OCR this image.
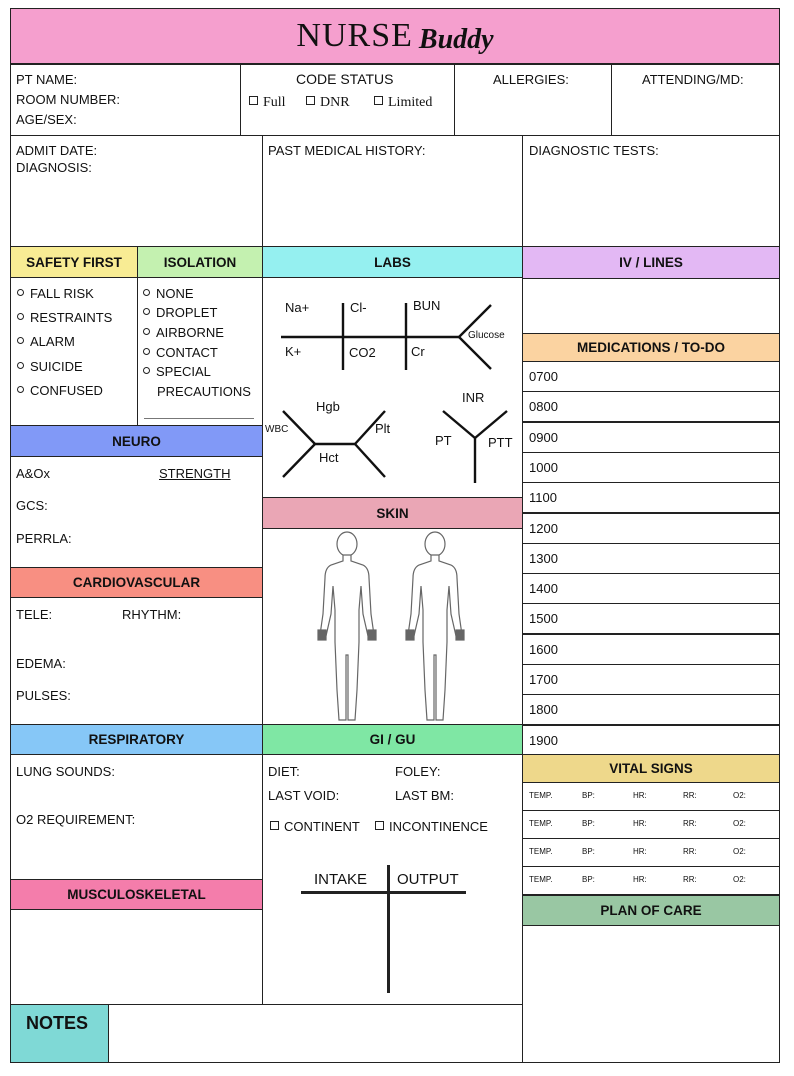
NURSE Buddy
PT NAME:
ROOM NUMBER:
AGE/SEX:
CODE STATUS
Full	DNR	Limited
ALLERGIES:	ATTENDING/MD:
ADMIT DATE:
DIAGNOSIS:
PAST MEDICAL HISTORY:	DIAGNOSTIC TESTS:
SAFETY FIRST
FALL RISK
RESTRAINTS
ALARM
SUICIDE
CONFUSED
ISOLATION
NONE
DROPLET
AIRBORNE
CONTACT
SPECIAL
PRECAUTIONS
LABS
Na+	Cl-	BUN
K+	CO2	Cr
Glucose
Hgb
WBC	Plt
Hct
INR
PT	PTT
IV / LINES
MEDICATIONS / TO-DO
0700
0800
0900
1000
1100
1200
1300
1400
1500
1600
1700
1800
1900
NEURO
A&Ox	STRENGTH
GCS:
PERRLA:
SKIN
CARDIOVASCULAR
TELE:	RHYTHM:
EDEMA:
PULSES:
RESPIRATORY
LUNG SOUNDS:
O2 REQUIREMENT:
GI / GU
DIET:	FOLEY:
LAST VOID:	LAST BM:
CONTINENT	INCONTINENCE
INTAKE OUTPUT
VITAL SIGNS
TEMP.	BP:	HR:	RR:	O2:
TEMP.	BP:	HR:	RR:	O2:
TEMP.	BP:	HR:	RR:	O2:
TEMP.	BP:	HR:	RR:	O2:
PLAN OF CARE
MUSCULOSKELETAL
NOTES
